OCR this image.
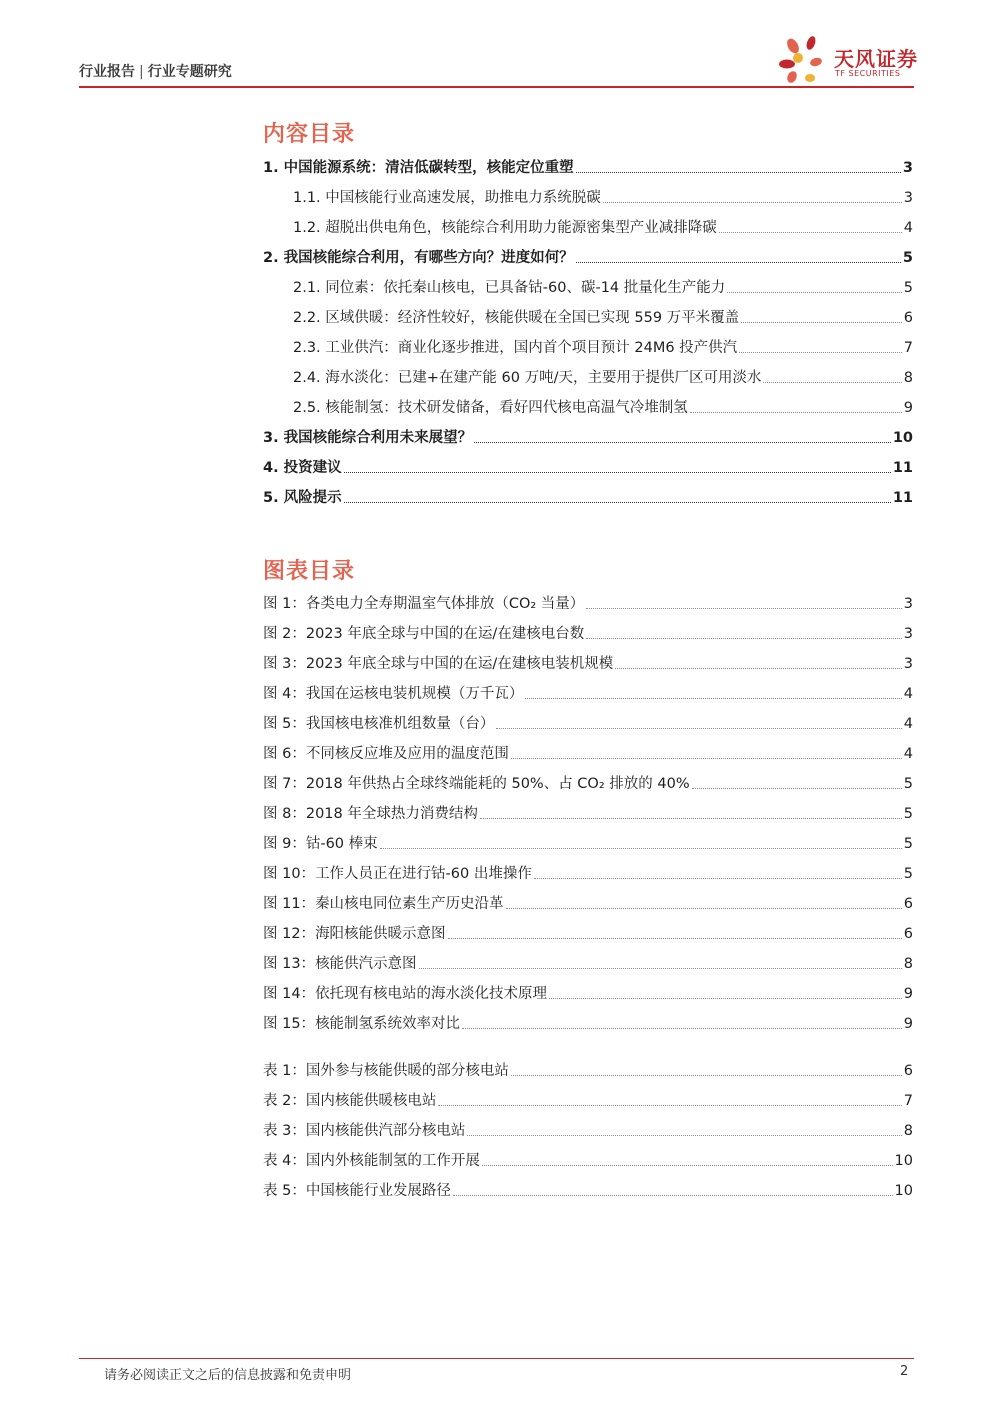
行业报告 | 行业专题研究
天风证券
TF SECURITIES
内容目录
1. 中国能源系统：清洁低碳转型，核能定位重塑	3
1.1. 中国核能行业高速发展，助推电力系统脱碳	3
1.2. 超脱出供电角色，核能综合利用助力能源密集型产业减排降碳	4
2. 我国核能综合利用，有哪些方向？进度如何？	5
2.1. 同位素：依托秦山核电，已具备钴-60、碳-14 批量化生产能力	5
2.2. 区域供暖：经济性较好，核能供暖在全国已实现 559 万平米覆盖	6
2.3. 工业供汽：商业化逐步推进，国内首个项目预计 24M6 投产供汽	7
2.4. 海水淡化：已建+在建产能 60 万吨/天，主要用于提供厂区可用淡水	8
2.5. 核能制氢：技术研发储备，看好四代核电高温气冷堆制氢	9
3. 我国核能综合利用未来展望？	10
4. 投资建议	11
5. 风险提示	11
图表目录
图 1： 各类电力全寿期温室气体排放（CO₂ 当量）	3
图 2： 2023 年底全球与中国的在运/在建核电台数	3
图 3： 2023 年底全球与中国的在运/在建核电装机规模	3
图 4： 我国在运核电装机规模（万千瓦）	4
图 5： 我国核电核准机组数量（台）	4
图 6： 不同核反应堆及应用的温度范围	4
图 7： 2018 年供热占全球终端能耗的 50%、占 CO₂ 排放的 40%	5
图 8： 2018 年全球热力消费结构	5
图 9： 钴-60 棒束	5
图 10： 工作人员正在进行钴-60 出堆操作	5
图 11： 秦山核电同位素生产历史沿革	6
图 12： 海阳核能供暖示意图	6
图 13： 核能供汽示意图	8
图 14： 依托现有核电站的海水淡化技术原理	9
图 15： 核能制氢系统效率对比	9
表 1： 国外参与核能供暖的部分核电站	6
表 2： 国内核能供暖核电站	7
表 3： 国内核能供汽部分核电站	8
表 4： 国内外核能制氢的工作开展	10
表 5： 中国核能行业发展路径	10
请务必阅读正文之后的信息披露和免责申明	2
